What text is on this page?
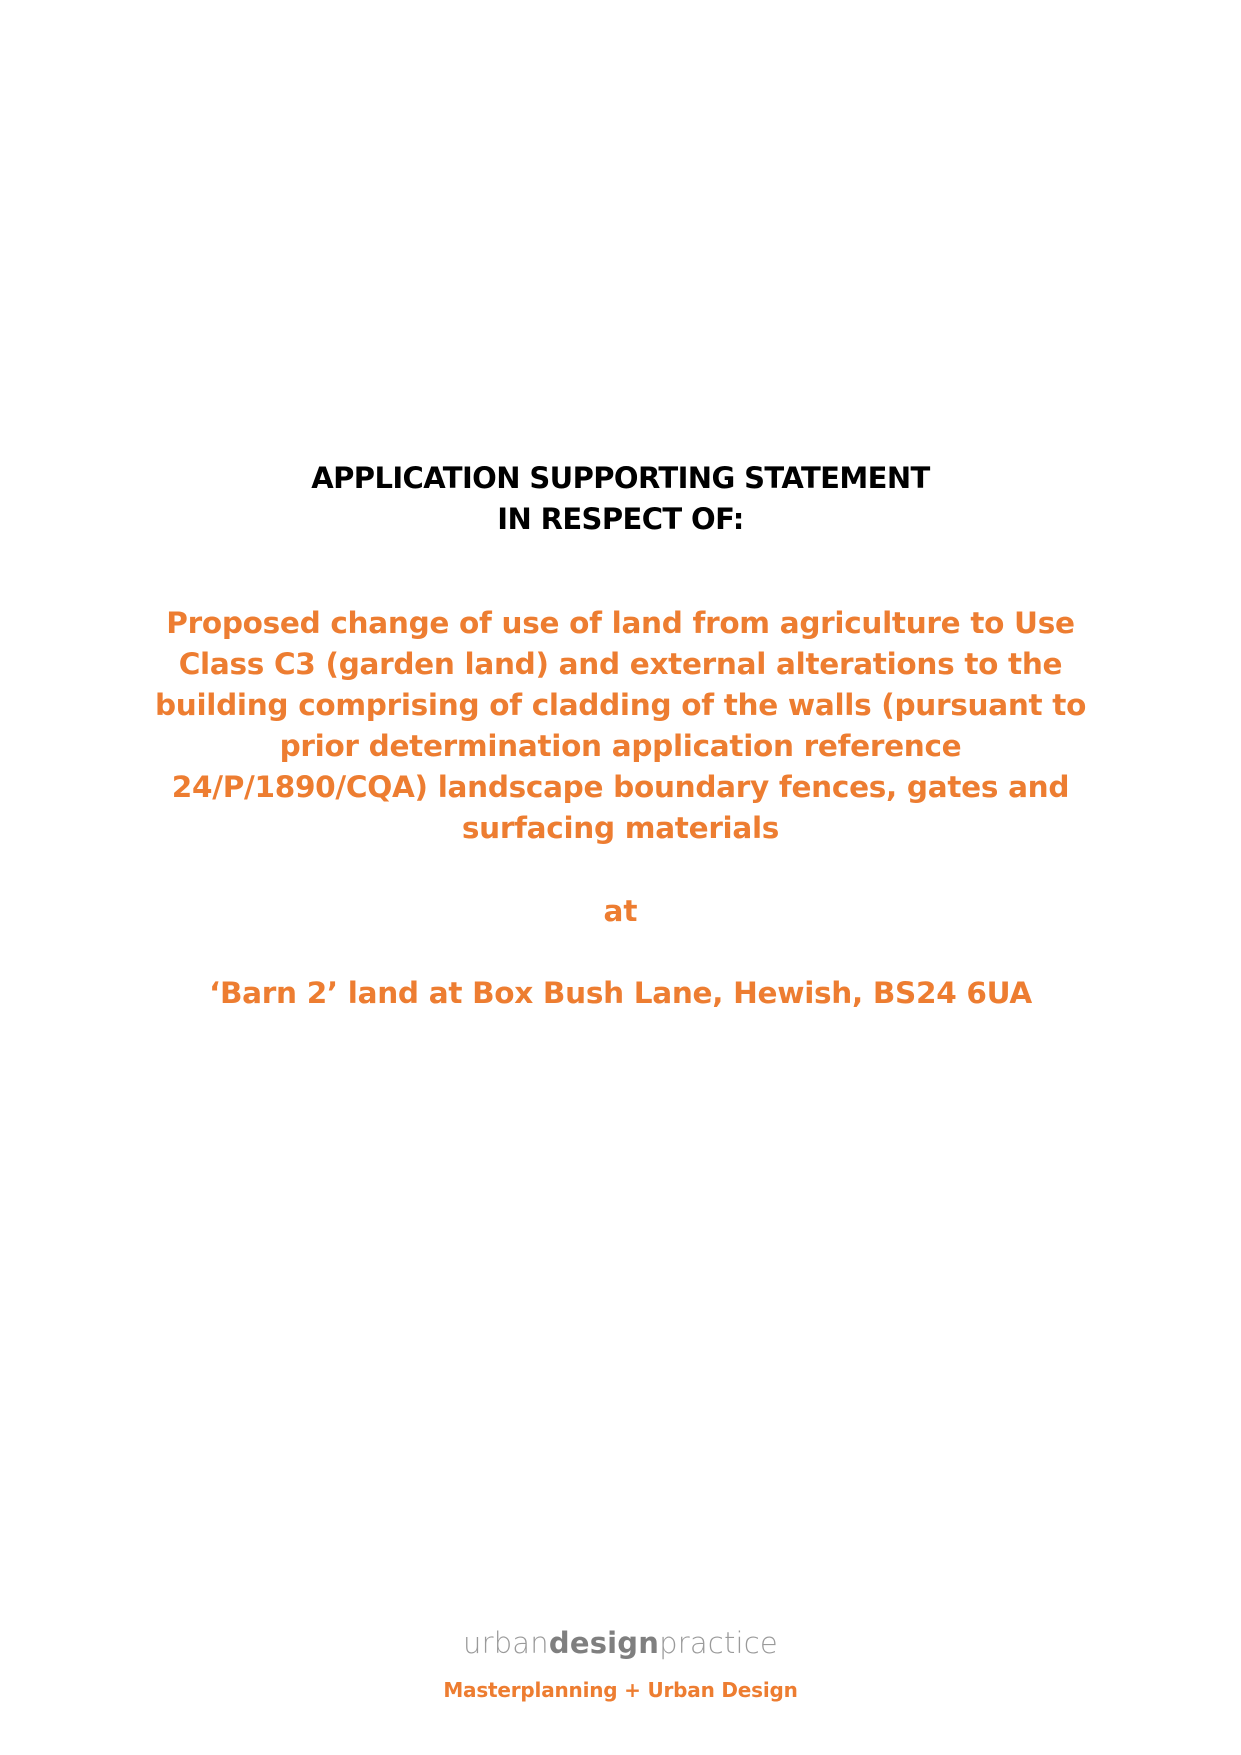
APPLICATION SUPPORTING STATEMENT
IN RESPECT OF:
Proposed change of use of land from agriculture to Use
Class C3 (garden land) and external alterations to the
building comprising of cladding of the walls (pursuant to
prior determination application reference
24/P/1890/CQA) landscape boundary fences, gates and
surfacing materials
at
‘Barn 2’ land at Box Bush Lane, Hewish, BS24 6UA
urbandesignpractice
Masterplanning + Urban Design
